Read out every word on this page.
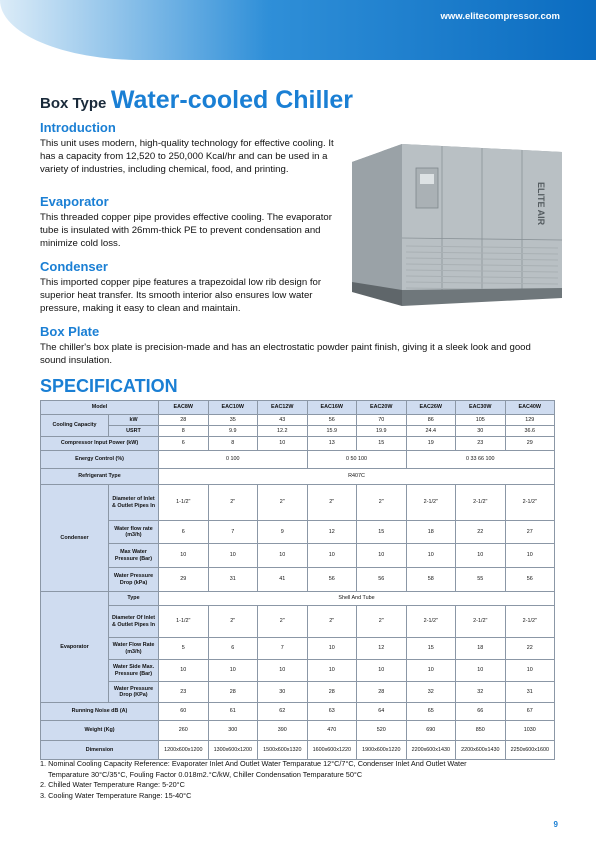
www.elitecompressor.com
Box Type Water-cooled Chiller
Introduction
This unit uses modern, high-quality technology for effective cooling. It has a capacity from 12,520 to 250,000 Kcal/hr and can be used in a variety of industries, including chemical, food, and printing.
Evaporator
This threaded copper pipe provides effective cooling. The evaporator tube is insulated with 26mm-thick PE to prevent condensation and minimize cold loss.
Condenser
This imported copper pipe features a trapezoidal low rib design for superior heat transfer. Its smooth interior also ensures low water pressure, making it easy to clean and maintain.
Box Plate
The chiller's box plate is precision-made and has an electrostatic powder paint finish, giving it a sleek look and good sound insulation.
ELITE AIR
SPECIFICATION
Model		EAC8W	EAC10W	EAC12W	EAC16W	EAC20W	EAC26W	EAC30W	EAC40W
Cooling Capacity	kW	28	35	43	56	70	86	105	129
	USRT	8	9.9	12.2	15.9	19.9	24.4	30	36.6
Compressor Input Power (kW)		6	8	10	13	15	19	23	29
Energy Control (%)		0 100			0 50 100		0 33 66 100		
Refrigerant Type		R407C							
Condenser	Diameter of Inlet & Outlet Pipes In	1-1/2"	2"	2"	2"	2"	2-1/2"	2-1/2"	2-1/2"
	Water flow rate (m3/h)	6	7	9	12	15	18	22	27
	Max Water Pressure (Bar)	10	10	10	10	10	10	10	10
	Water Pressure Drop (kPa)	29	31	41	56	56	58	55	56
Evaporator	Type	Shell And Tube							
	Diameter Of Inlet & Outlet Pipes In	1-1/2"	2"	2"	2"	2"	2-1/2"	2-1/2"	2-1/2"
	Water Flow Rate (m3/h)	5	6	7	10	12	15	18	22
	Water Side Max. Pressure (Bar)	10	10	10	10	10	10	10	10
	Water Pressure Drop (KPa)	23	28	30	28	28	32	32	31
Running Noise dB (A)		60	61	62	63	64	65	66	67
Weight (Kg)		260	300	390	470	520	690	850	1030
Dimension		1200x600x1200	1300x600x1200	1500x600x1320	1600x600x1220	1900x600x1220	2200x600x1430	2200x600x1430	2250x600x1600
1. Nominal Cooling Capacity Reference: Evaporater Inlet And Outlet Water Temparatue 12°C/7°C, Condenser Inlet And Outlet Water
Temparature 30°C/35°C, Fouling Factor 0.018m2.°C/kW, Chiller Condensation Temparature 50°C
2. Chilled Water Temperature Range: 5-20°C
3. Cooling Water Temperature Range: 15-40°C
9
